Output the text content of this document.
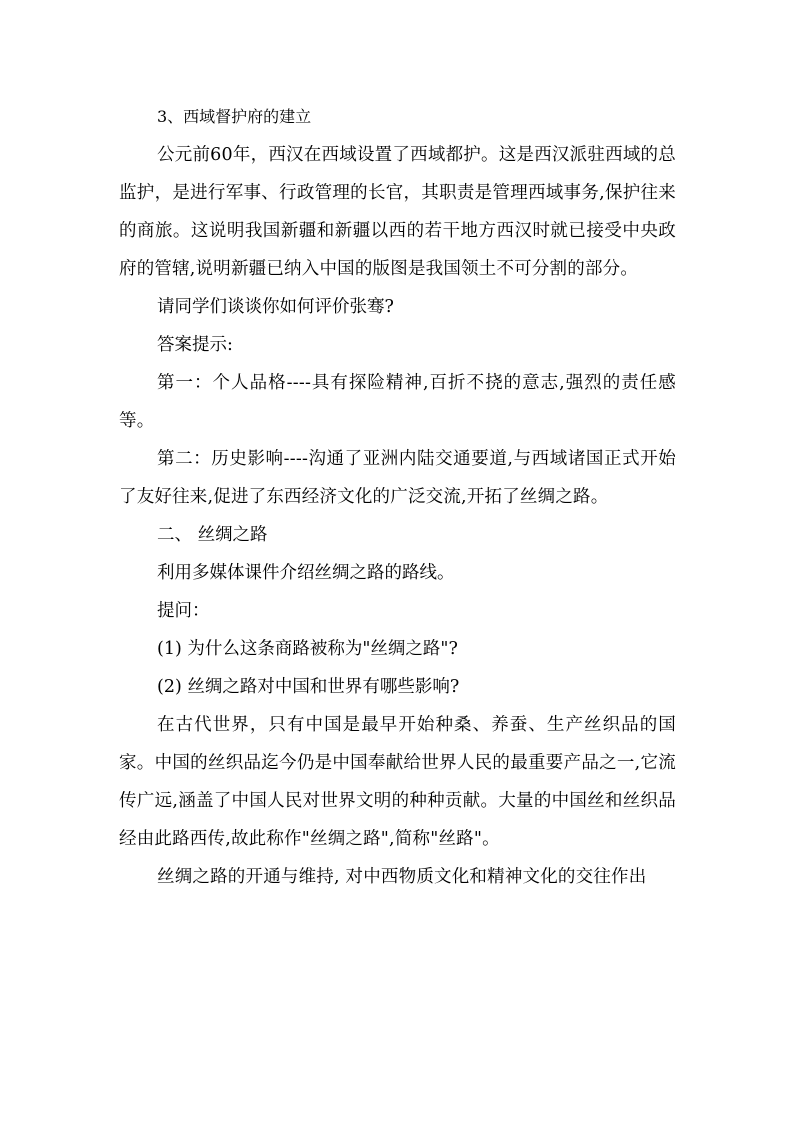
3、西域督护府的建立

公元前60年，西汉在西域设置了西域都护。这是西汉派驻西域的总监护，是进行军事、行政管理的长官，其职责是管理西域事务,保护往来的商旅。这说明我国新疆和新疆以西的若干地方西汉时就已接受中央政府的管辖,说明新疆已纳入中国的版图是我国领土不可分割的部分。

请同学们谈谈你如何评价张骞?

答案提示:

第一：个人品格----具有探险精神,百折不挠的意志,强烈的责任感等。

第二：历史影响----沟通了亚洲内陆交通要道,与西域诸国正式开始了友好往来,促进了东西经济文化的广泛交流,开拓了丝绸之路。

二、 丝绸之路

利用多媒体课件介绍丝绸之路的路线。

提问：

(1) 为什么这条商路被称为"丝绸之路"?

(2) 丝绸之路对中国和世界有哪些影响?

在古代世界，只有中国是最早开始种桑、养蚕、生产丝织品的国家。中国的丝织品迄今仍是中国奉献给世界人民的最重要产品之一,它流传广远,涵盖了中国人民对世界文明的种种贡献。大量的中国丝和丝织品经由此路西传,故此称作"丝绸之路",简称"丝路"。

丝绸之路的开通与维持, 对中西物质文化和精神文化的交往作出
